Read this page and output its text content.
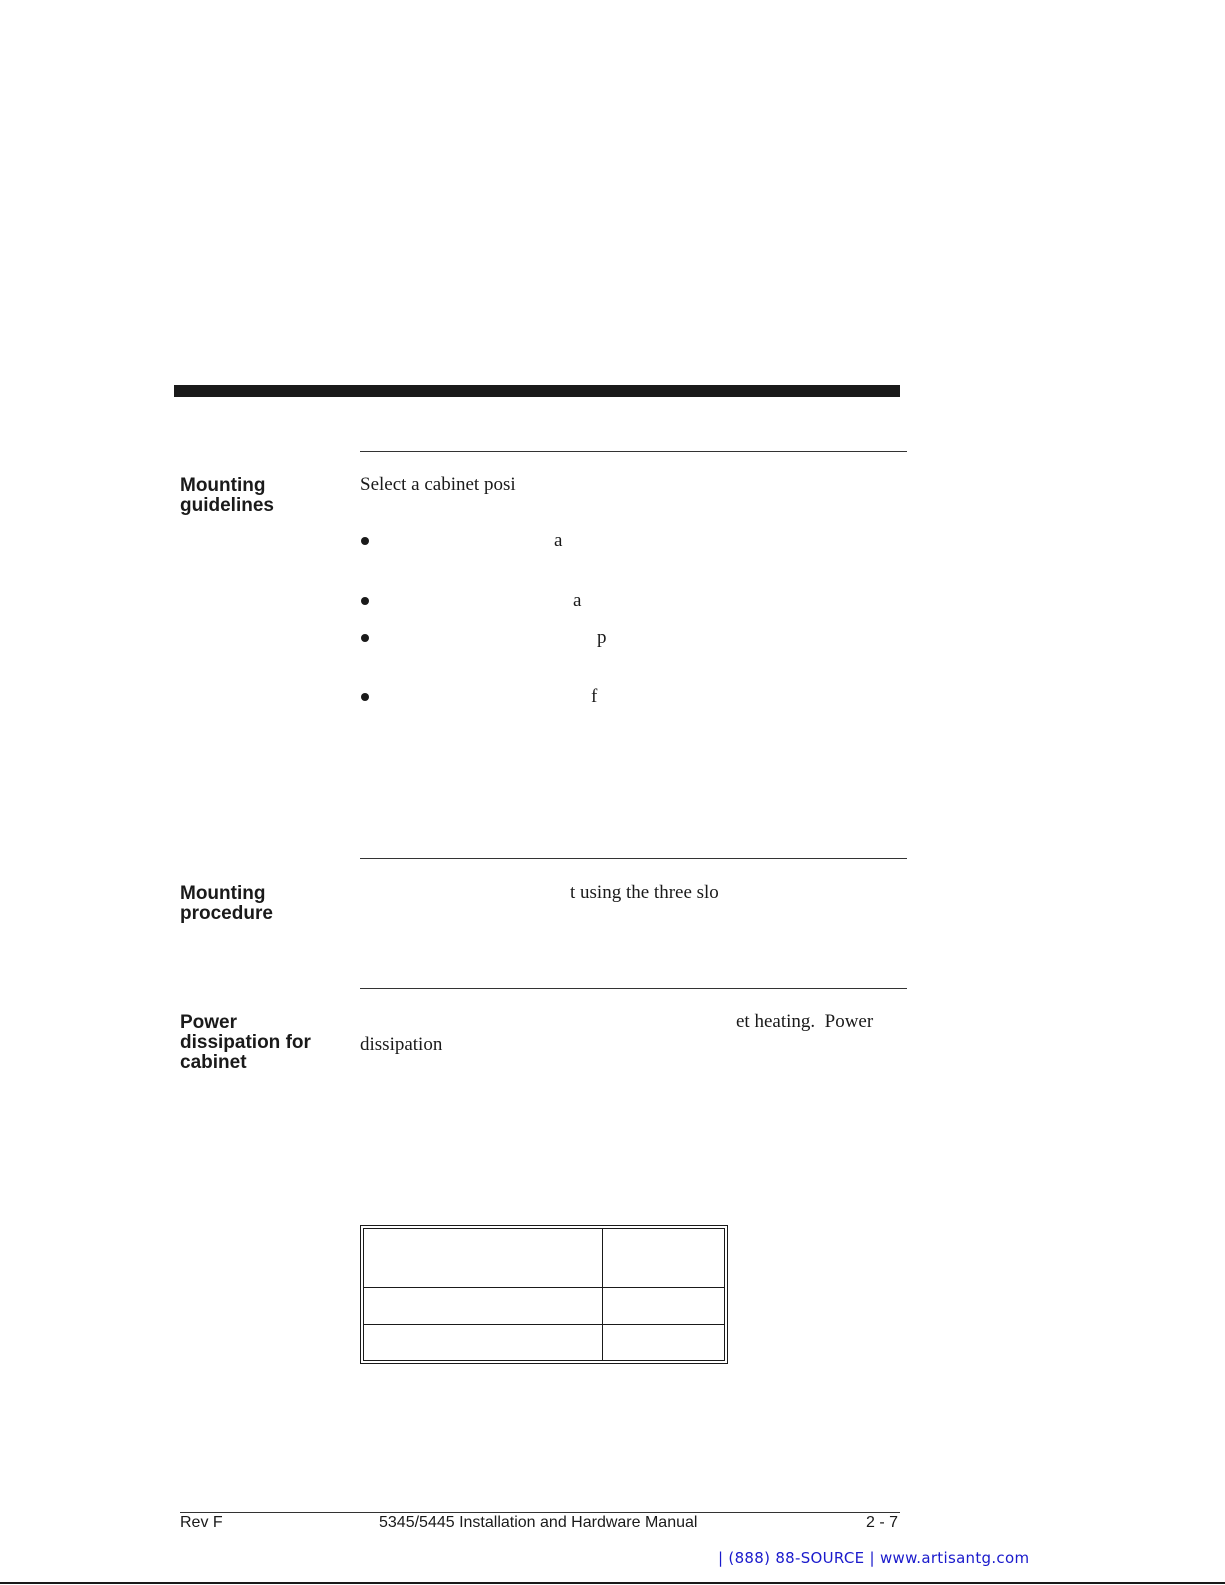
Mounting
guidelines
Select a cabinet posi
a
a
p
f
Mounting
procedure
t using the three slo
Power
dissipation for
cabinet
et heating.  Power
dissipation

Rev F	5345/5445 Installation and Hardware Manual	2 - 7
| (888) 88-SOURCE | www.artisantg.com
